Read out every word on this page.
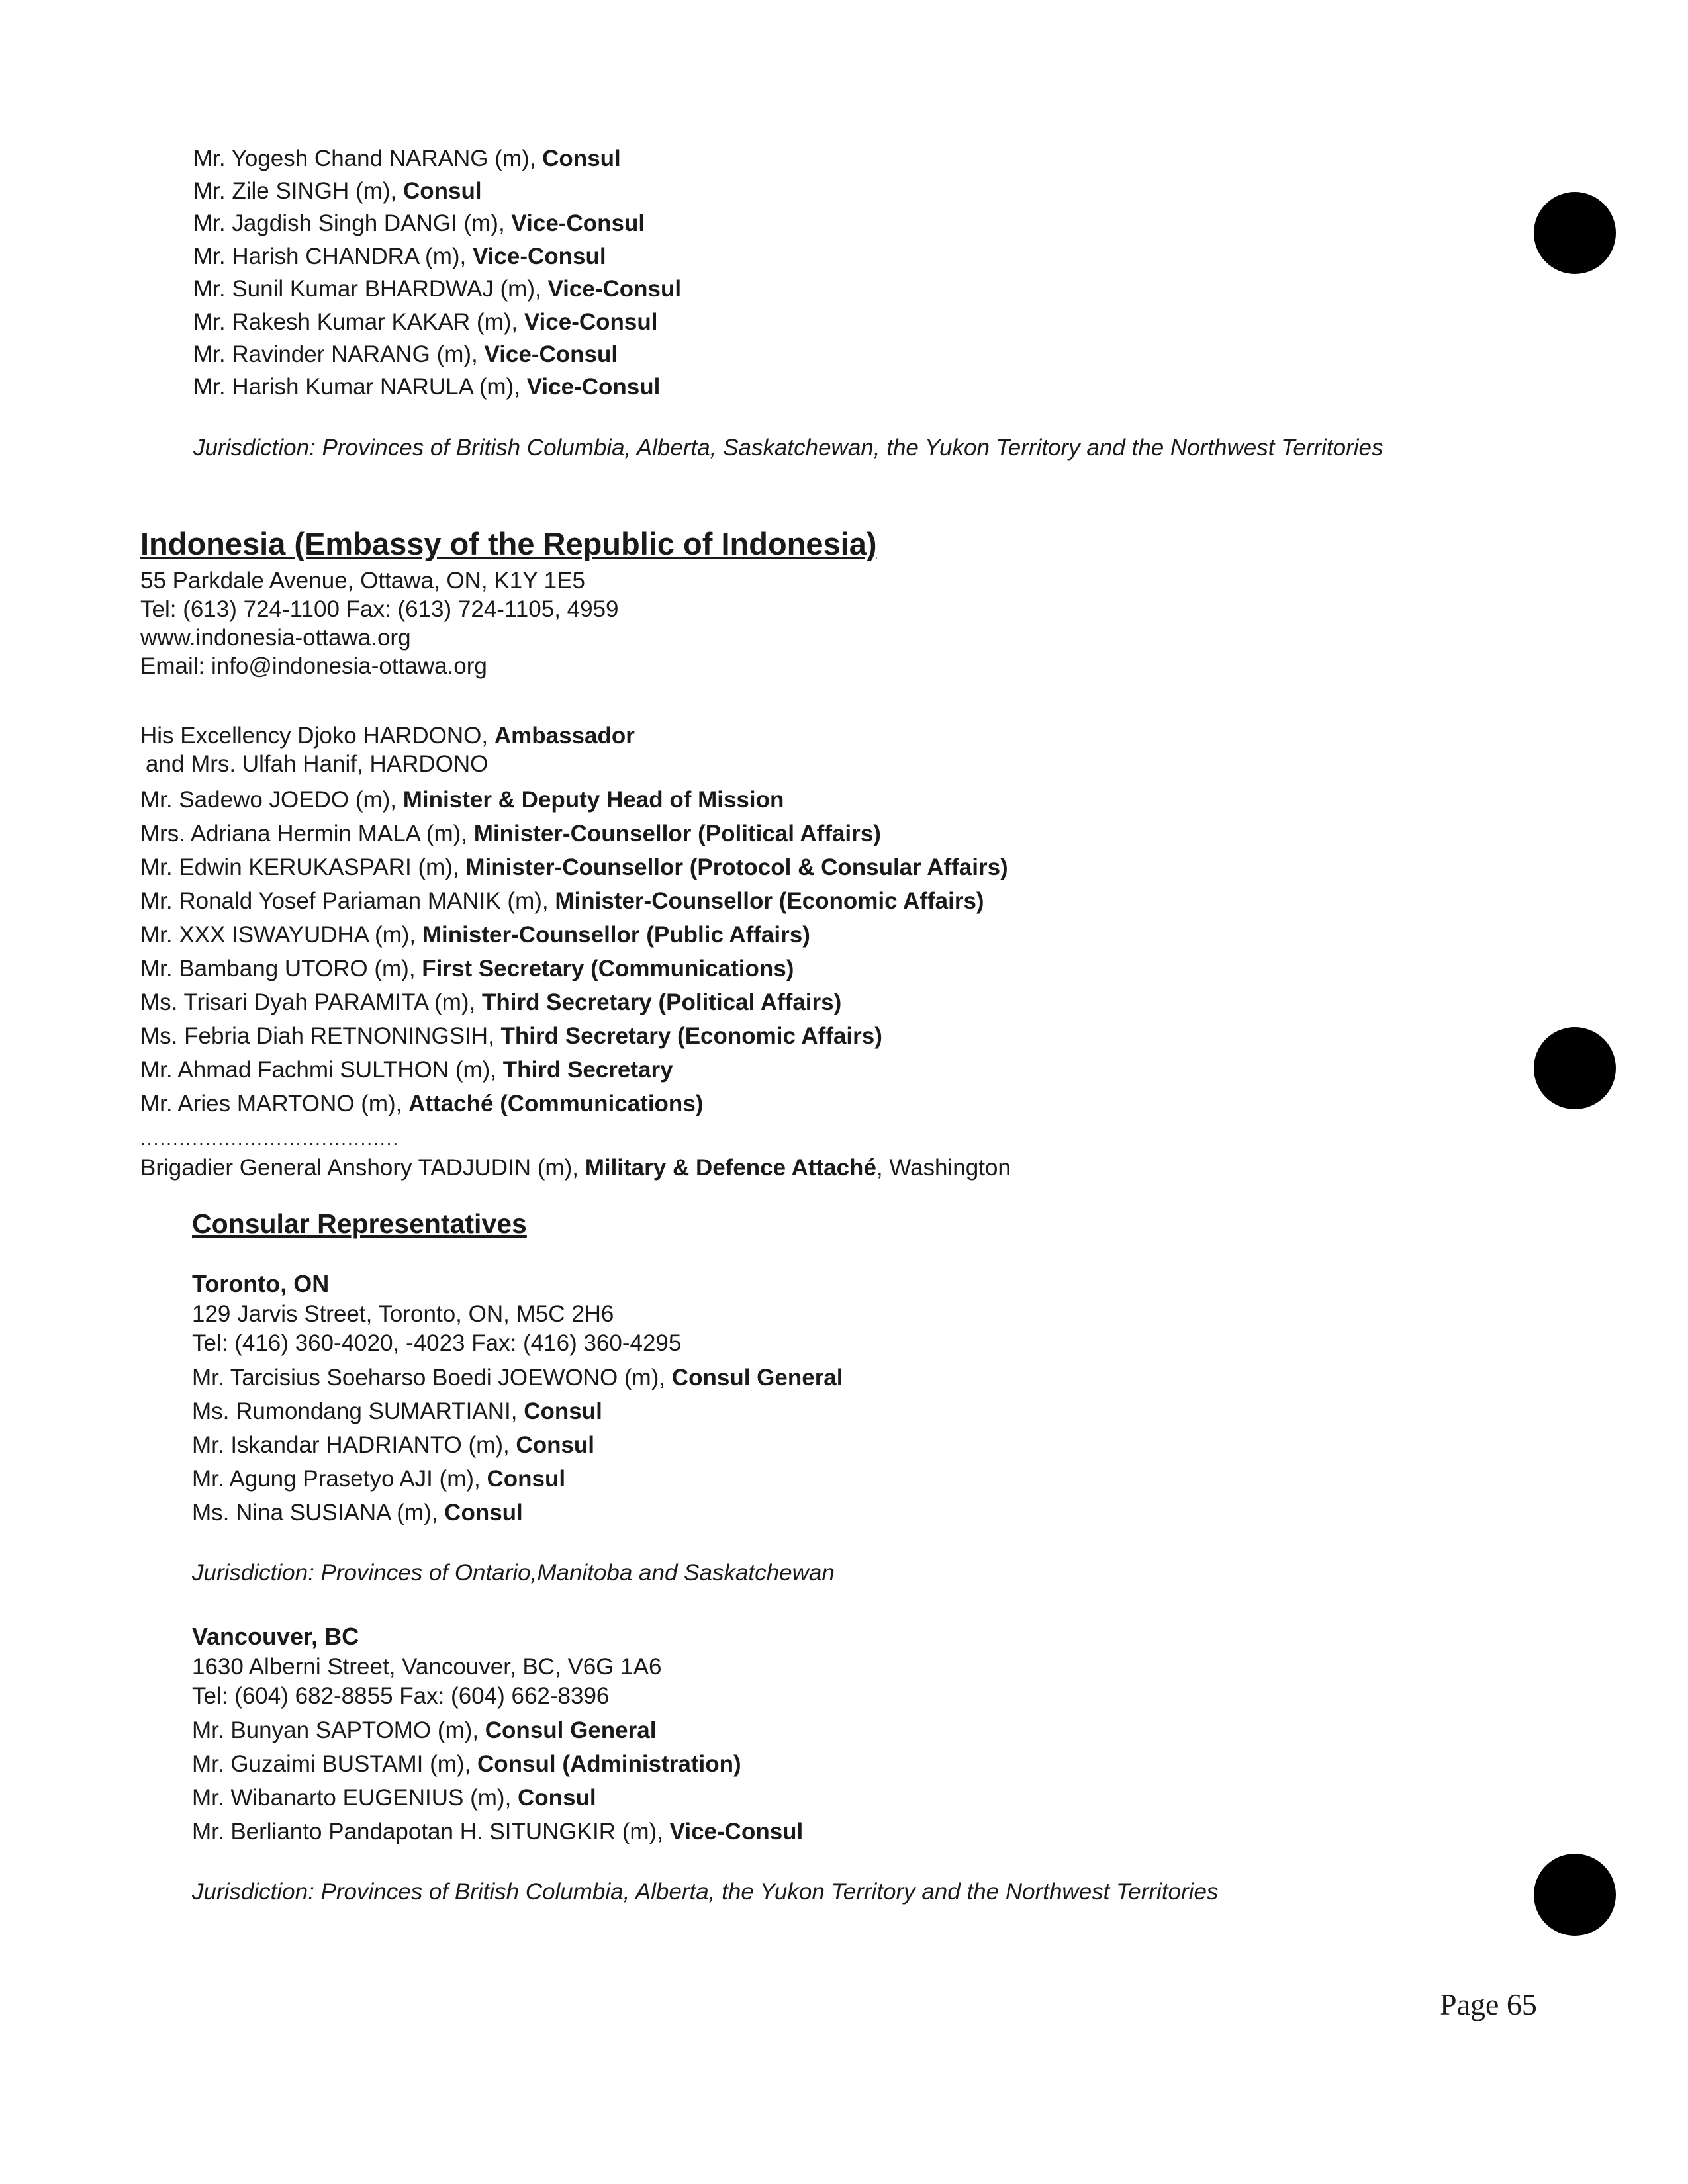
Mr. Yogesh Chand NARANG (m), Consul
Mr. Zile SINGH (m), Consul
Mr. Jagdish Singh DANGI (m), Vice-Consul
Mr. Harish CHANDRA (m), Vice-Consul
Mr. Sunil Kumar BHARDWAJ (m), Vice-Consul
Mr. Rakesh Kumar KAKAR (m), Vice-Consul
Mr. Ravinder NARANG (m), Vice-Consul
Mr. Harish Kumar NARULA (m), Vice-Consul
Jurisdiction: Provinces of British Columbia, Alberta, Saskatchewan, the Yukon Territory and the Northwest Territories
Indonesia (Embassy of the Republic of Indonesia)
55 Parkdale Avenue, Ottawa, ON, K1Y 1E5
Tel: (613) 724-1100 Fax: (613) 724-1105, 4959
www.indonesia-ottawa.org
Email: info@indonesia-ottawa.org
His Excellency Djoko HARDONO, Ambassador
and Mrs. Ulfah Hanif, HARDONO
Mr. Sadewo JOEDO (m), Minister & Deputy Head of Mission
Mrs. Adriana Hermin MALA (m), Minister-Counsellor (Political Affairs)
Mr. Edwin KERUKASPARI (m), Minister-Counsellor (Protocol & Consular Affairs)
Mr. Ronald Yosef Pariaman MANIK (m), Minister-Counsellor (Economic Affairs)
Mr. XXX ISWAYUDHA (m), Minister-Counsellor (Public Affairs)
Mr. Bambang UTORO (m), First Secretary (Communications)
Ms. Trisari Dyah PARAMITA (m), Third Secretary (Political Affairs)
Ms. Febria Diah RETNONINGSIH, Third Secretary (Economic Affairs)
Mr. Ahmad Fachmi SULTHON (m), Third Secretary
Mr. Aries MARTONO (m), Attaché (Communications)
........................................
Brigadier General Anshory TADJUDIN (m), Military & Defence Attaché, Washington
Consular Representatives
Toronto, ON
129 Jarvis Street, Toronto, ON, M5C 2H6
Tel: (416) 360-4020, -4023 Fax: (416) 360-4295
Mr. Tarcisius Soeharso Boedi JOEWONO (m), Consul General
Ms. Rumondang SUMARTIANI, Consul
Mr. Iskandar HADRIANTO (m), Consul
Mr. Agung Prasetyo AJI (m), Consul
Ms. Nina SUSIANA (m), Consul
Jurisdiction: Provinces of Ontario,Manitoba and Saskatchewan
Vancouver, BC
1630 Alberni Street, Vancouver, BC, V6G 1A6
Tel: (604) 682-8855 Fax: (604) 662-8396
Mr. Bunyan SAPTOMO (m), Consul General
Mr. Guzaimi BUSTAMI (m), Consul (Administration)
Mr. Wibanarto EUGENIUS (m), Consul
Mr. Berlianto Pandapotan H. SITUNGKIR (m), Vice-Consul
Jurisdiction: Provinces of British Columbia, Alberta, the Yukon Territory and the Northwest Territories
Page 65
